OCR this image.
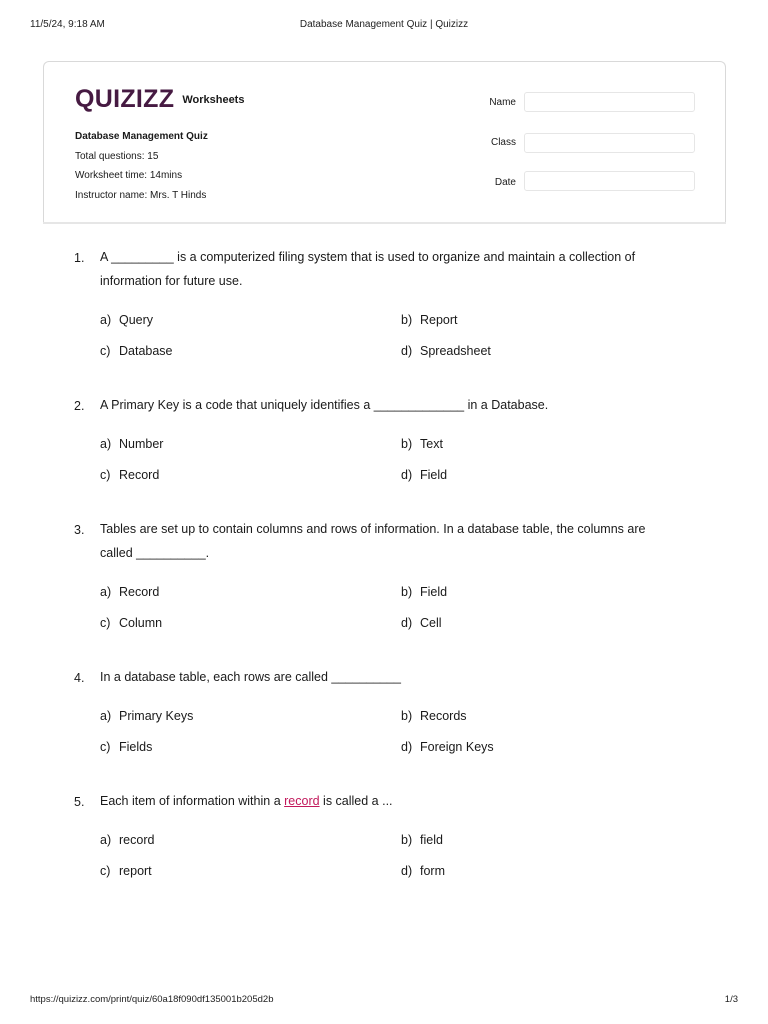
11/5/24, 9:18 AM	Database Management Quiz | Quizizz
QUIZIZZ Worksheets
Database Management Quiz
Total questions: 15
Worksheet time: 14mins
Instructor name: Mrs. T Hinds
Name
Class
Date
1. A _________ is a computerized filing system that is used to organize and maintain a collection of
information for future use.
a) Query	b) Report
c) Database	d) Spreadsheet
2. A Primary Key is a code that uniquely identifies a _____________ in a Database.
a) Number	b) Text
c) Record	d) Field
3. Tables are set up to contain columns and rows of information. In a database table, the columns are
called __________.
a) Record	b) Field
c) Column	d) Cell
4. In a database table, each rows are called __________
a) Primary Keys	b) Records
c) Fields	d) Foreign Keys
5. Each item of information within a record is called a ...
a) record	b) field
c) report	d) form
https://quizizz.com/print/quiz/60a18f090df135001b205d2b	1/3
